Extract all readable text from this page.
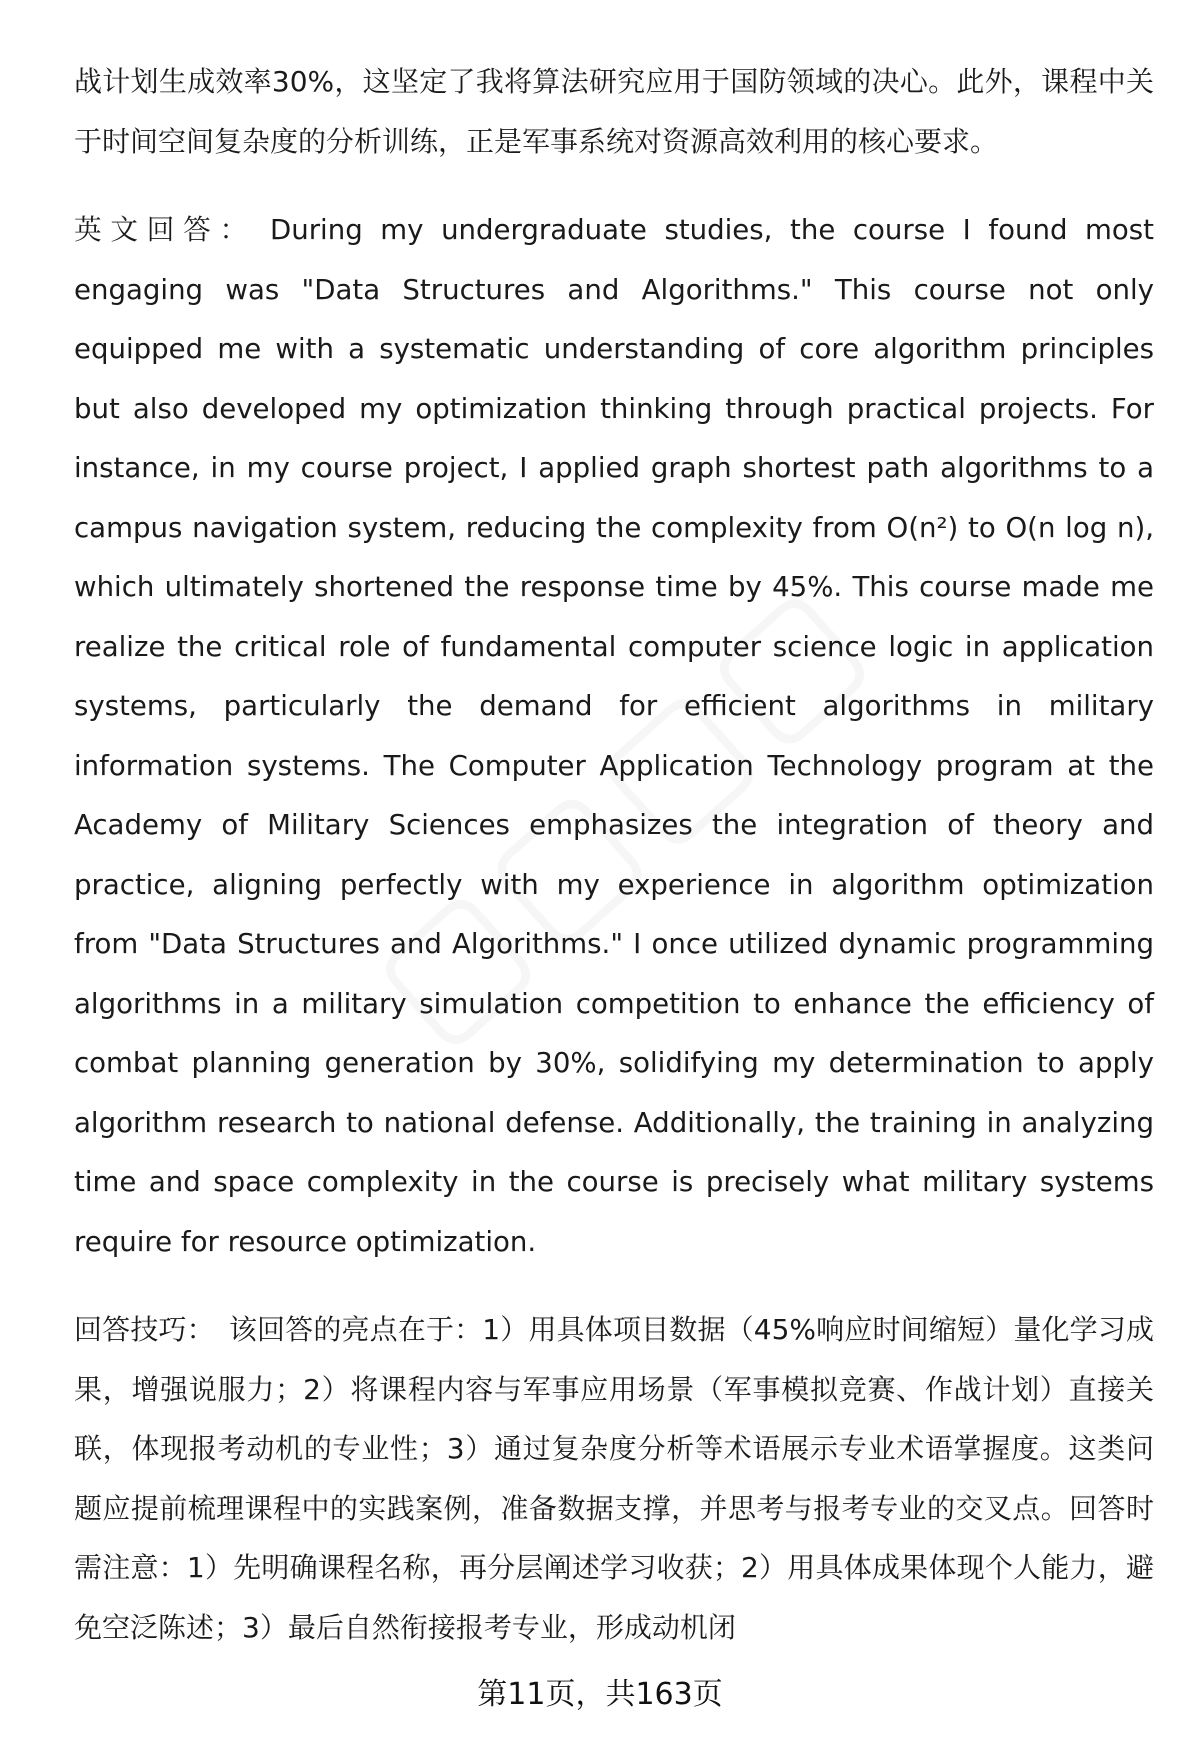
战计划生成效率30%，这坚定了我将算法研究应用于国防领域的决心。此外，课程中关于时间空间复杂度的分析训练，正是军事系统对资源高效利用的核心要求。

英文回答： During my undergraduate studies, the course I found most engaging was "Data Structures and Algorithms." This course not only equipped me with a systematic understanding of core algorithm principles but also developed my optimization thinking through practical projects. For instance, in my course project, I applied graph shortest path algorithms to a campus navigation system, reducing the complexity from O(n²) to O(n log n), which ultimately shortened the response time by 45%. This course made me realize the critical role of fundamental computer science logic in application systems, particularly the demand for efficient algorithms in military information systems. The Computer Application Technology program at the Academy of Military Sciences emphasizes the integration of theory and practice, aligning perfectly with my experience in algorithm optimization from "Data Structures and Algorithms." I once utilized dynamic programming algorithms in a military simulation competition to enhance the efficiency of combat planning generation by 30%, solidifying my determination to apply algorithm research to national defense. Additionally, the training in analyzing time and space complexity in the course is precisely what military systems require for resource optimization.

回答技巧： 该回答的亮点在于：1）用具体项目数据（45%响应时间缩短）量化学习成果，增强说服力；2）将课程内容与军事应用场景（军事模拟竞赛、作战计划）直接关联，体现报考动机的专业性；3）通过复杂度分析等术语展示专业术语掌握度。这类问题应提前梳理课程中的实践案例，准备数据支撑，并思考与报考专业的交叉点。回答时需注意：1）先明确课程名称，再分层阐述学习收获；2）用具体成果体现个人能力，避免空泛陈述；3）最后自然衔接报考专业，形成动机闭

第11页，共163页
